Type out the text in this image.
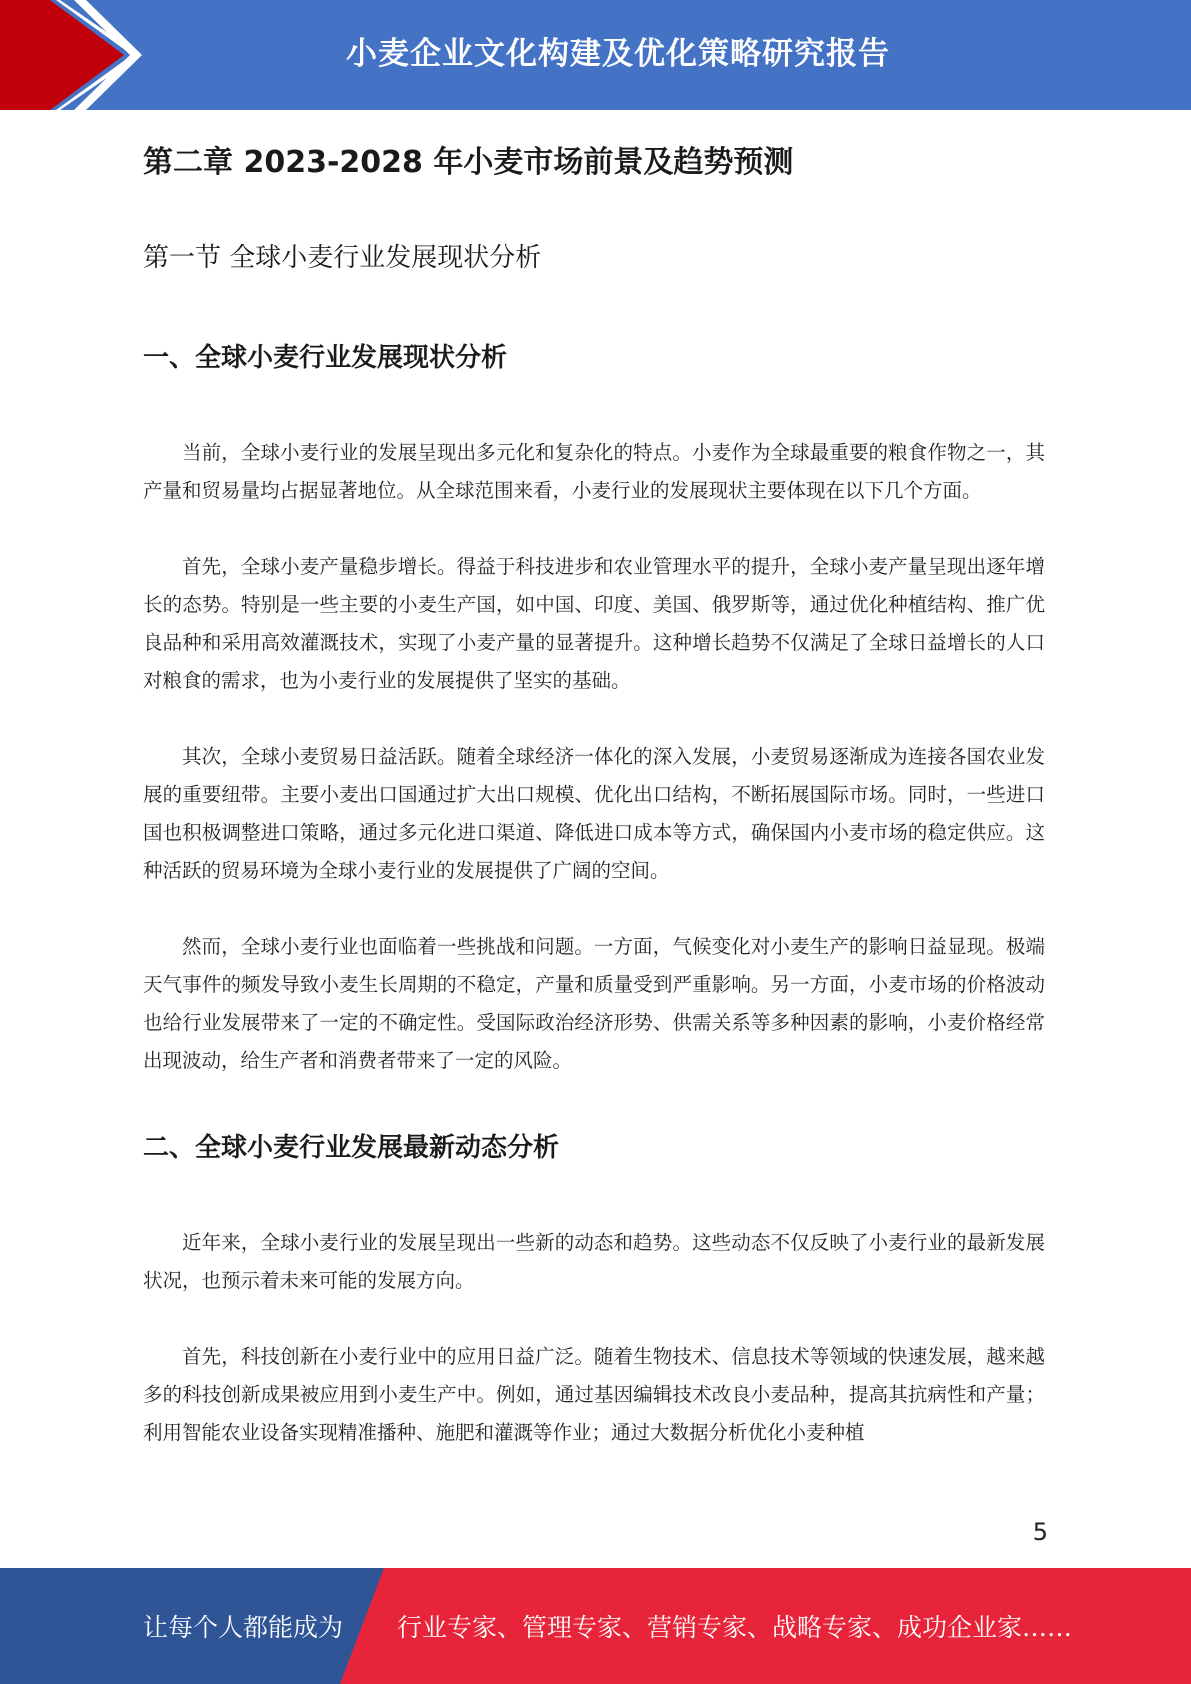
小麦企业文化构建及优化策略研究报告
第二章 2023-2028 年小麦市场前景及趋势预测
第一节 全球小麦行业发展现状分析
一、全球小麦行业发展现状分析

当前，全球小麦行业的发展呈现出多元化和复杂化的特点。小麦作为全球最重要的粮食作物之一，其产量和贸易量均占据显著地位。从全球范围来看，小麦行业的发展现状主要体现在以下几个方面。

首先，全球小麦产量稳步增长。得益于科技进步和农业管理水平的提升，全球小麦产量呈现出逐年增长的态势。特别是一些主要的小麦生产国，如中国、印度、美国、俄罗斯等，通过优化种植结构、推广优良品种和采用高效灌溉技术，实现了小麦产量的显著提升。这种增长趋势不仅满足了全球日益增长的人口对粮食的需求，也为小麦行业的发展提供了坚实的基础。

其次，全球小麦贸易日益活跃。随着全球经济一体化的深入发展，小麦贸易逐渐成为连接各国农业发展的重要纽带。主要小麦出口国通过扩大出口规模、优化出口结构，不断拓展国际市场。同时，一些进口国也积极调整进口策略，通过多元化进口渠道、降低进口成本等方式，确保国内小麦市场的稳定供应。这种活跃的贸易环境为全球小麦行业的发展提供了广阔的空间。

然而，全球小麦行业也面临着一些挑战和问题。一方面，气候变化对小麦生产的影响日益显现。极端天气事件的频发导致小麦生长周期的不稳定，产量和质量受到严重影响。另一方面，小麦市场的价格波动也给行业发展带来了一定的不确定性。受国际政治经济形势、供需关系等多种因素的影响，小麦价格经常出现波动，给生产者和消费者带来了一定的风险。

二、全球小麦行业发展最新动态分析

近年来，全球小麦行业的发展呈现出一些新的动态和趋势。这些动态不仅反映了小麦行业的最新发展状况，也预示着未来可能的发展方向。

首先，科技创新在小麦行业中的应用日益广泛。随着生物技术、信息技术等领域的快速发展，越来越多的科技创新成果被应用到小麦生产中。例如，通过基因编辑技术改良小麦品种，提高其抗病性和产量；利用智能农业设备实现精准播种、施肥和灌溉等作业；通过大数据分析优化小麦种植

5
让每个人都能成为 行业专家、管理专家、营销专家、战略专家、成功企业家……
